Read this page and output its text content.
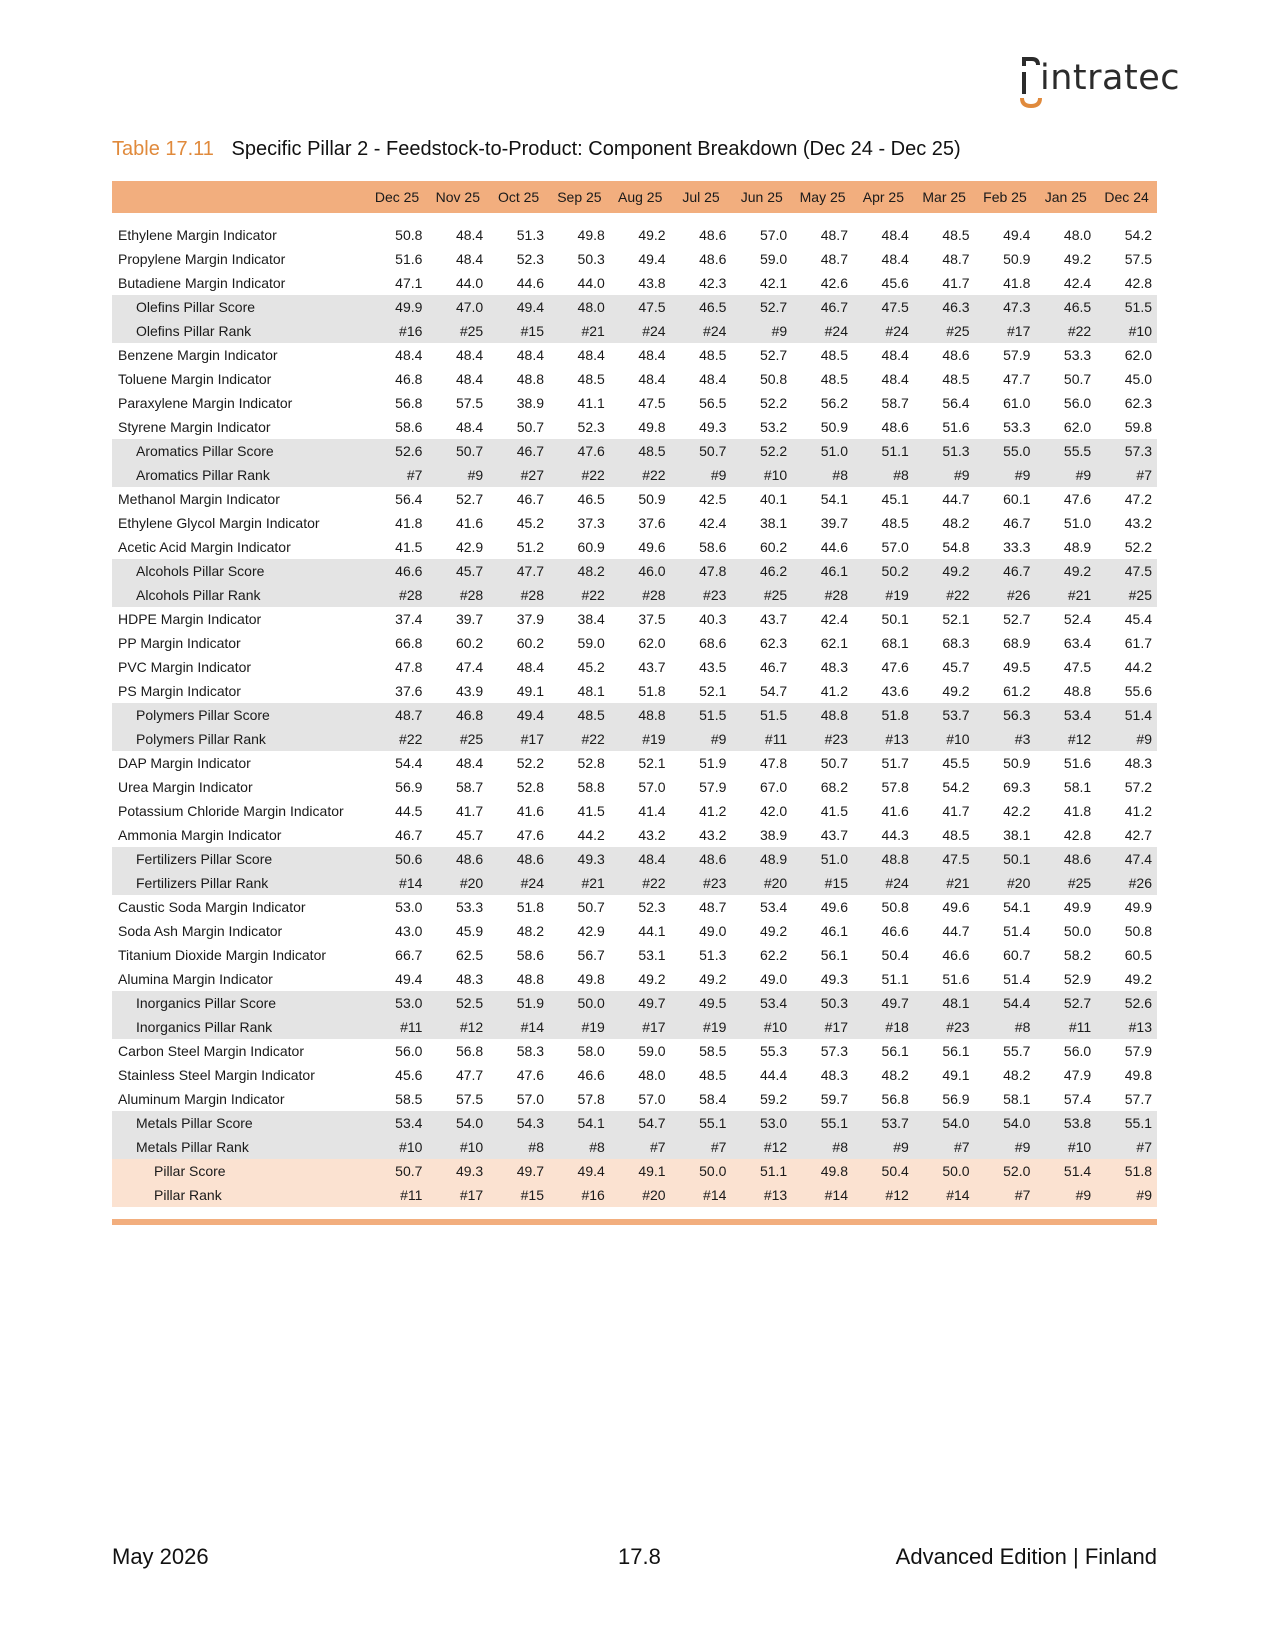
intratec
Table 17.11 Specific Pillar 2 - Feedstock-to-Product: Component Breakdown (Dec 24 - Dec 25)
	Dec 25	Nov 25	Oct 25	Sep 25	Aug 25	Jul 25	Jun 25	May 25	Apr 25	Mar 25	Feb 25	Jan 25	Dec 24

Ethylene Margin Indicator	50.8	48.4	51.3	49.8	49.2	48.6	57.0	48.7	48.4	48.5	49.4	48.0	54.2
Propylene Margin Indicator	51.6	48.4	52.3	50.3	49.4	48.6	59.0	48.7	48.4	48.7	50.9	49.2	57.5
Butadiene Margin Indicator	47.1	44.0	44.6	44.0	43.8	42.3	42.1	42.6	45.6	41.7	41.8	42.4	42.8
Olefins Pillar Score	49.9	47.0	49.4	48.0	47.5	46.5	52.7	46.7	47.5	46.3	47.3	46.5	51.5
Olefins Pillar Rank	#16	#25	#15	#21	#24	#24	#9	#24	#24	#25	#17	#22	#10
Benzene Margin Indicator	48.4	48.4	48.4	48.4	48.4	48.5	52.7	48.5	48.4	48.6	57.9	53.3	62.0
Toluene Margin Indicator	46.8	48.4	48.8	48.5	48.4	48.4	50.8	48.5	48.4	48.5	47.7	50.7	45.0
Paraxylene Margin Indicator	56.8	57.5	38.9	41.1	47.5	56.5	52.2	56.2	58.7	56.4	61.0	56.0	62.3
Styrene Margin Indicator	58.6	48.4	50.7	52.3	49.8	49.3	53.2	50.9	48.6	51.6	53.3	62.0	59.8
Aromatics Pillar Score	52.6	50.7	46.7	47.6	48.5	50.7	52.2	51.0	51.1	51.3	55.0	55.5	57.3
Aromatics Pillar Rank	#7	#9	#27	#22	#22	#9	#10	#8	#8	#9	#9	#9	#7
Methanol Margin Indicator	56.4	52.7	46.7	46.5	50.9	42.5	40.1	54.1	45.1	44.7	60.1	47.6	47.2
Ethylene Glycol Margin Indicator	41.8	41.6	45.2	37.3	37.6	42.4	38.1	39.7	48.5	48.2	46.7	51.0	43.2
Acetic Acid Margin Indicator	41.5	42.9	51.2	60.9	49.6	58.6	60.2	44.6	57.0	54.8	33.3	48.9	52.2
Alcohols Pillar Score	46.6	45.7	47.7	48.2	46.0	47.8	46.2	46.1	50.2	49.2	46.7	49.2	47.5
Alcohols Pillar Rank	#28	#28	#28	#22	#28	#23	#25	#28	#19	#22	#26	#21	#25
HDPE Margin Indicator	37.4	39.7	37.9	38.4	37.5	40.3	43.7	42.4	50.1	52.1	52.7	52.4	45.4
PP Margin Indicator	66.8	60.2	60.2	59.0	62.0	68.6	62.3	62.1	68.1	68.3	68.9	63.4	61.7
PVC Margin Indicator	47.8	47.4	48.4	45.2	43.7	43.5	46.7	48.3	47.6	45.7	49.5	47.5	44.2
PS Margin Indicator	37.6	43.9	49.1	48.1	51.8	52.1	54.7	41.2	43.6	49.2	61.2	48.8	55.6
Polymers Pillar Score	48.7	46.8	49.4	48.5	48.8	51.5	51.5	48.8	51.8	53.7	56.3	53.4	51.4
Polymers Pillar Rank	#22	#25	#17	#22	#19	#9	#11	#23	#13	#10	#3	#12	#9
DAP Margin Indicator	54.4	48.4	52.2	52.8	52.1	51.9	47.8	50.7	51.7	45.5	50.9	51.6	48.3
Urea Margin Indicator	56.9	58.7	52.8	58.8	57.0	57.9	67.0	68.2	57.8	54.2	69.3	58.1	57.2
Potassium Chloride Margin Indicator	44.5	41.7	41.6	41.5	41.4	41.2	42.0	41.5	41.6	41.7	42.2	41.8	41.2
Ammonia Margin Indicator	46.7	45.7	47.6	44.2	43.2	43.2	38.9	43.7	44.3	48.5	38.1	42.8	42.7
Fertilizers Pillar Score	50.6	48.6	48.6	49.3	48.4	48.6	48.9	51.0	48.8	47.5	50.1	48.6	47.4
Fertilizers Pillar Rank	#14	#20	#24	#21	#22	#23	#20	#15	#24	#21	#20	#25	#26
Caustic Soda Margin Indicator	53.0	53.3	51.8	50.7	52.3	48.7	53.4	49.6	50.8	49.6	54.1	49.9	49.9
Soda Ash Margin Indicator	43.0	45.9	48.2	42.9	44.1	49.0	49.2	46.1	46.6	44.7	51.4	50.0	50.8
Titanium Dioxide Margin Indicator	66.7	62.5	58.6	56.7	53.1	51.3	62.2	56.1	50.4	46.6	60.7	58.2	60.5
Alumina Margin Indicator	49.4	48.3	48.8	49.8	49.2	49.2	49.0	49.3	51.1	51.6	51.4	52.9	49.2
Inorganics Pillar Score	53.0	52.5	51.9	50.0	49.7	49.5	53.4	50.3	49.7	48.1	54.4	52.7	52.6
Inorganics Pillar Rank	#11	#12	#14	#19	#17	#19	#10	#17	#18	#23	#8	#11	#13
Carbon Steel Margin Indicator	56.0	56.8	58.3	58.0	59.0	58.5	55.3	57.3	56.1	56.1	55.7	56.0	57.9
Stainless Steel Margin Indicator	45.6	47.7	47.6	46.6	48.0	48.5	44.4	48.3	48.2	49.1	48.2	47.9	49.8
Aluminum Margin Indicator	58.5	57.5	57.0	57.8	57.0	58.4	59.2	59.7	56.8	56.9	58.1	57.4	57.7
Metals Pillar Score	53.4	54.0	54.3	54.1	54.7	55.1	53.0	55.1	53.7	54.0	54.0	53.8	55.1
Metals Pillar Rank	#10	#10	#8	#8	#7	#7	#12	#8	#9	#7	#9	#10	#7
Pillar Score	50.7	49.3	49.7	49.4	49.1	50.0	51.1	49.8	50.4	50.0	52.0	51.4	51.8
Pillar Rank	#11	#17	#15	#16	#20	#14	#13	#14	#12	#14	#7	#9	#9
May 2026	17.8	Advanced Edition | Finland
